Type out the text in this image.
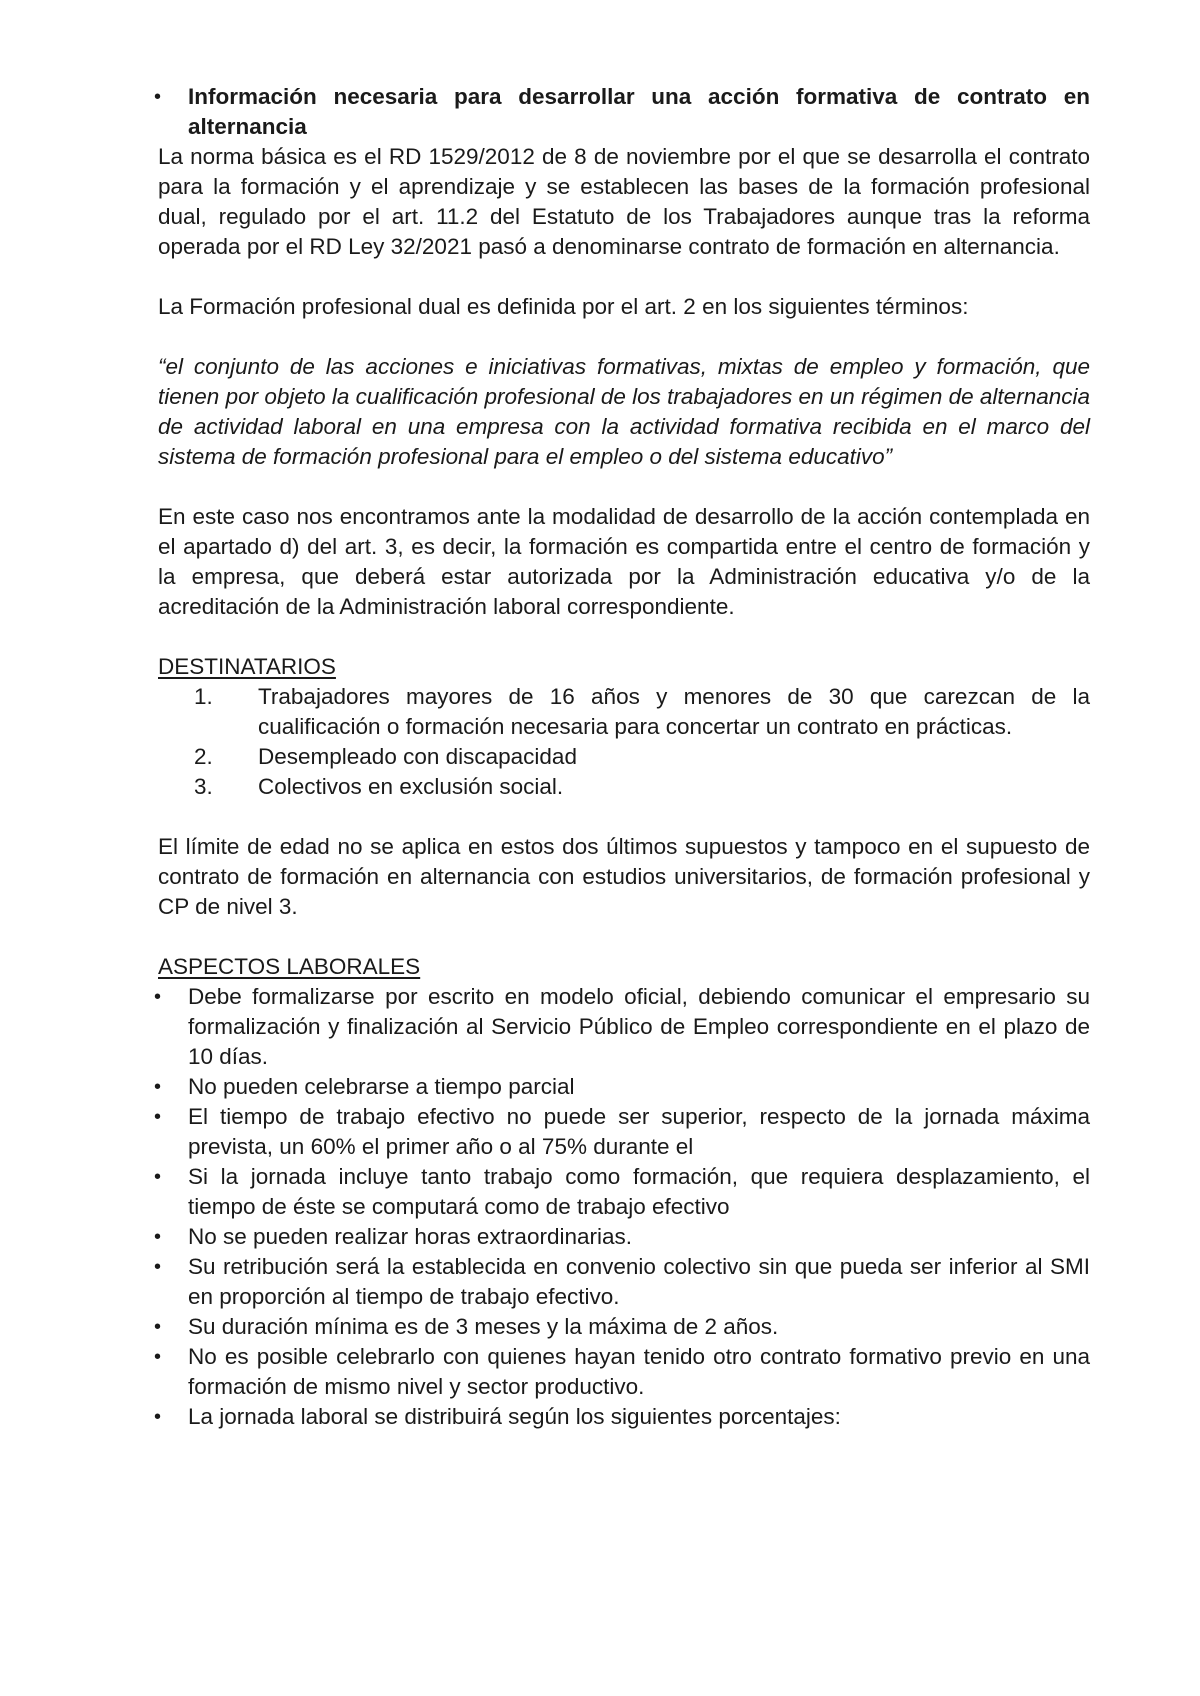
• Información necesaria para desarrollar una acción formativa de contrato en alternancia

La norma básica es el RD 1529/2012 de 8 de noviembre por el que se desarrolla el contrato para la formación y el aprendizaje y se establecen las bases de la formación profesional dual, regulado por el art. 11.2 del Estatuto de los Trabajadores aunque tras la reforma operada por el RD Ley 32/2021 pasó a denominarse contrato de formación en alternancia.

La Formación profesional dual es definida por el art. 2 en los siguientes términos:

“el conjunto de las acciones e iniciativas formativas, mixtas de empleo y formación, que tienen por objeto la cualificación profesional de los trabajadores en un régimen de alternancia de actividad laboral en una empresa con la actividad formativa recibida en el marco del sistema de formación profesional para el empleo o del sistema educativo”

En este caso nos encontramos ante la modalidad de desarrollo de la acción contemplada en el apartado d) del art. 3, es decir, la formación es compartida entre el centro de formación y la empresa, que deberá estar autorizada por la Administración educativa y/o de la acreditación de la Administración laboral correspondiente.

DESTINATARIOS

1. Trabajadores mayores de 16 años y menores de 30 que carezcan de la cualificación o formación necesaria para concertar un contrato en prácticas.
2. Desempleado con discapacidad
3. Colectivos en exclusión social.

El límite de edad no se aplica en estos dos últimos supuestos y tampoco en el supuesto de contrato de formación en alternancia con estudios universitarios, de formación profesional y CP de nivel 3.

ASPECTOS LABORALES

• Debe formalizarse por escrito en modelo oficial, debiendo comunicar el empresario su formalización y finalización al Servicio Público de Empleo correspondiente en el plazo de 10 días.
• No pueden celebrarse a tiempo parcial
• El tiempo de trabajo efectivo no puede ser superior, respecto de la jornada máxima prevista, un 60% el primer año o al 75% durante el
• Si la jornada incluye tanto trabajo como formación, que requiera desplazamiento, el tiempo de éste se computará como de trabajo efectivo
• No se pueden realizar horas extraordinarias.
• Su retribución será la establecida en convenio colectivo sin que pueda ser inferior al SMI en proporción al tiempo de trabajo efectivo.
• Su duración mínima es de 3 meses y la máxima de 2 años.
• No es posible celebrarlo con quienes hayan tenido otro contrato formativo previo en una formación de mismo nivel y sector productivo.
• La jornada laboral se distribuirá según los siguientes porcentajes:
